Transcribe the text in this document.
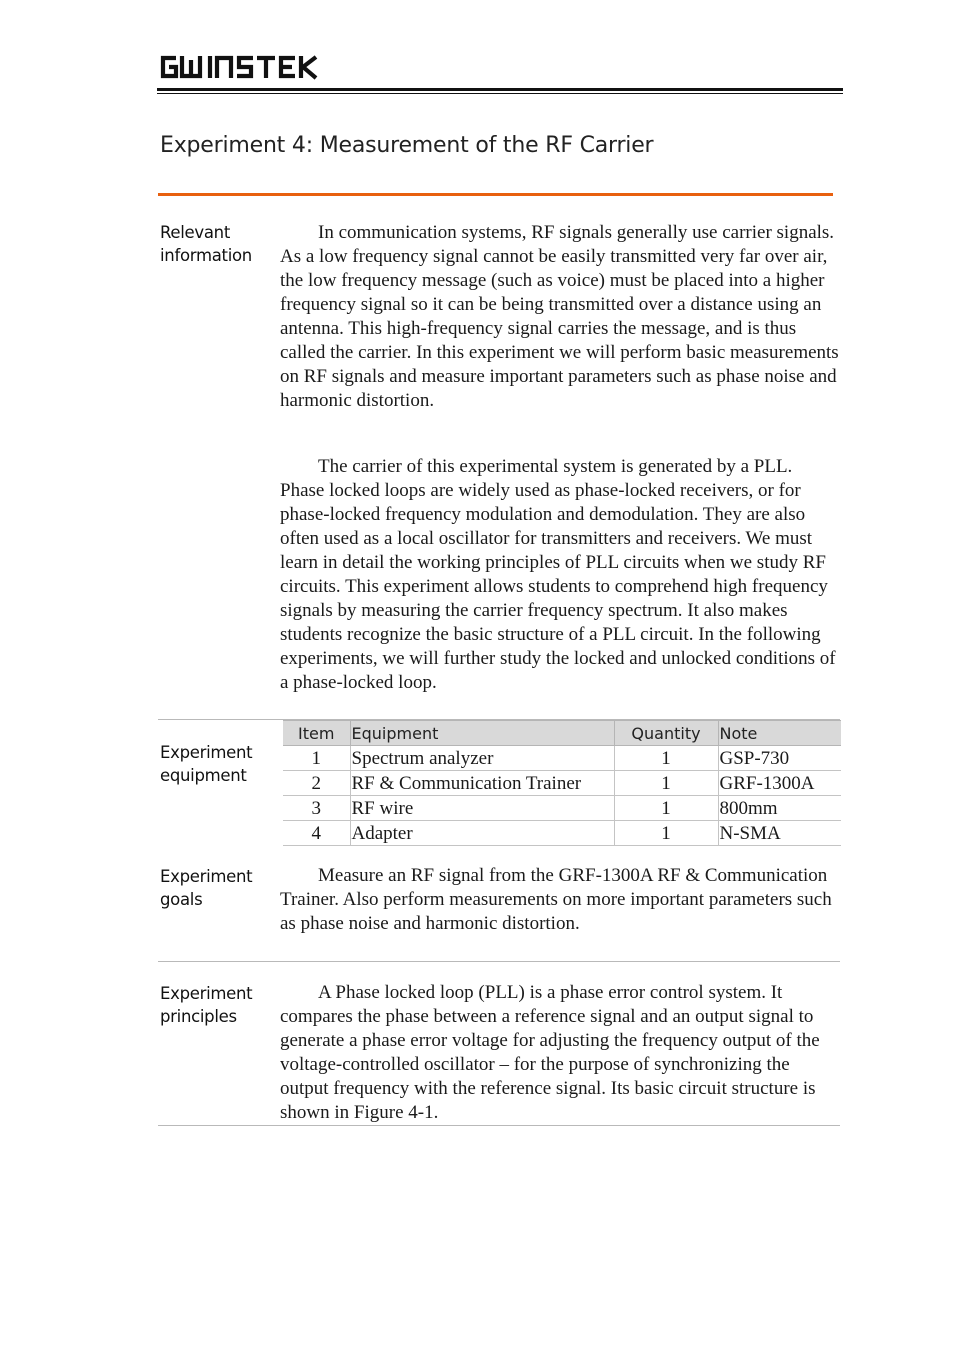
Experiment 4: Measurement of the RF Carrier
Relevant
information

In communication systems, RF signals generally use carrier signals. As a low frequency signal cannot be easily transmitted very far over air, the low frequency message (such as voice) must be placed into a higher frequency signal so it can be being transmitted over a distance using an antenna. This high-frequency signal carries the message, and is thus called the carrier. In this experiment we will perform basic measurements on RF signals and measure important parameters such as phase noise and harmonic distortion.

The carrier of this experimental system is generated by a PLL. Phase locked loops are widely used as phase-locked receivers, or for phase-locked frequency modulation and demodulation. They are also often used as a local oscillator for transmitters and receivers. We must learn in detail the working principles of PLL circuits when we study RF circuits. This experiment allows students to comprehend high frequency signals by measuring the carrier frequency spectrum. It also makes students recognize the basic structure of a PLL circuit. In the following experiments, we will further study the locked and unlocked conditions of a phase-locked loop.

Experiment
equipment
Item	Equipment	Quantity	Note
1	Spectrum analyzer	1	GSP-730
2	RF & Communication Trainer	1	GRF-1300A
3	RF wire	1	800mm
4	Adapter	1	N-SMA
Experiment
goals

Measure an RF signal from the GRF-1300A RF & Communication Trainer. Also perform measurements on more important parameters such as phase noise and harmonic distortion.

Experiment
principles

A Phase locked loop (PLL) is a phase error control system. It compares the phase between a reference signal and an output signal to generate a phase error voltage for adjusting the frequency output of the voltage-controlled oscillator – for the purpose of synchronizing the output frequency with the reference signal. Its basic circuit structure is shown in Figure 4-1.
